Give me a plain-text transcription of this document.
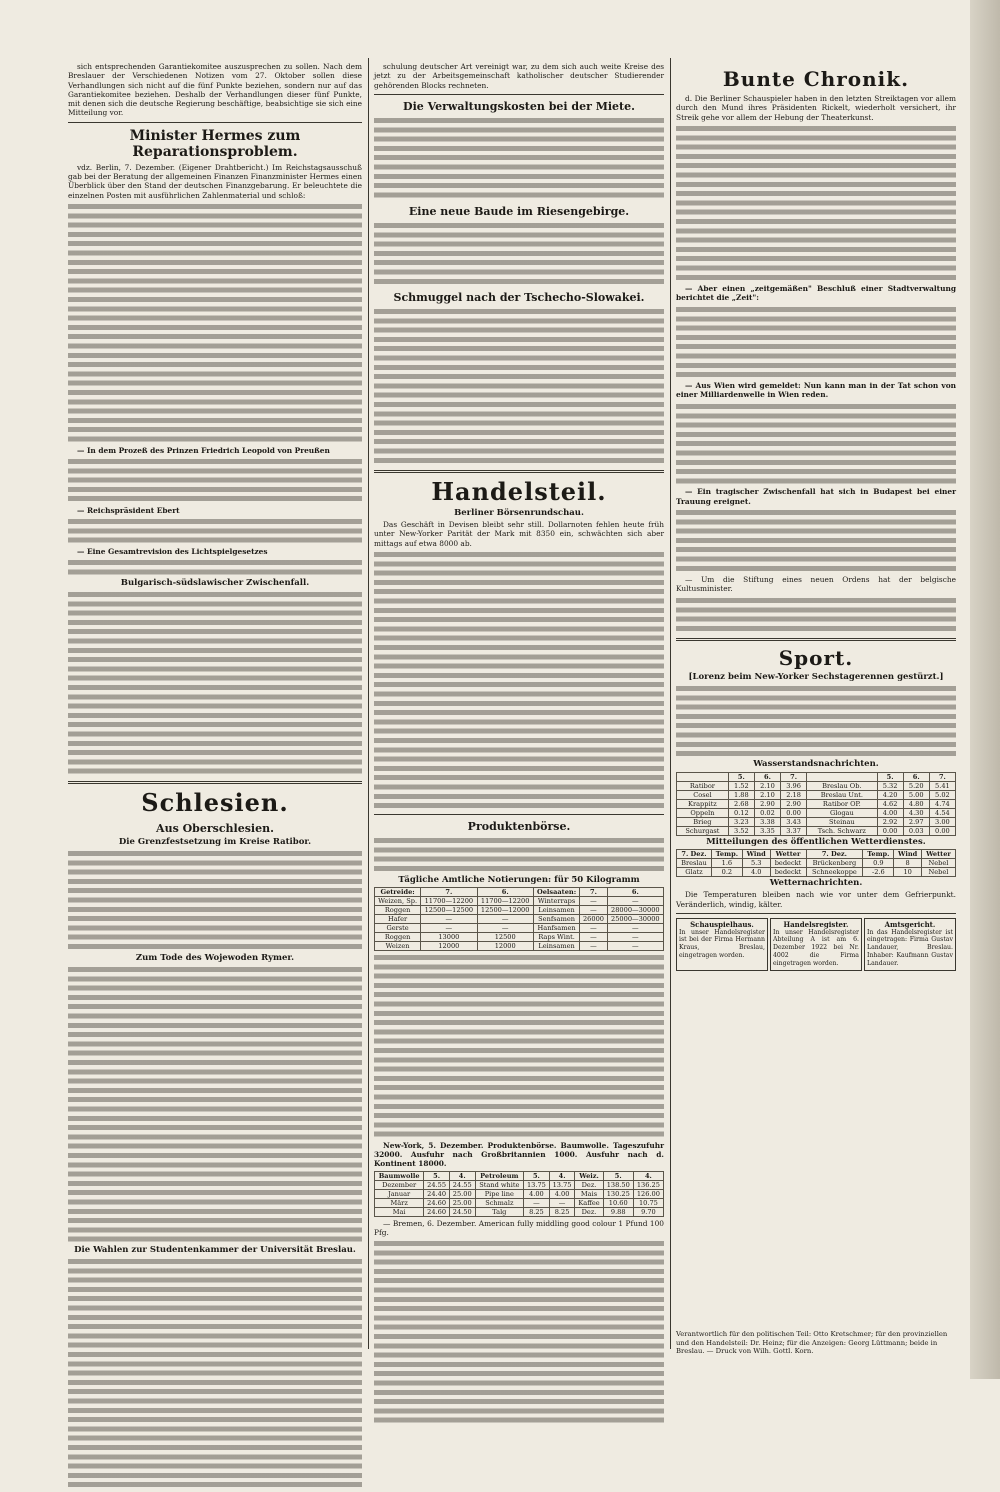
sich entsprechenden Garantiekomitee auszusprechen zu sollen. Nach dem Breslauer der Verschiedenen Notizen vom 27. Oktober sollen diese Verhandlungen sich nicht auf die fünf Punkte beziehen, sondern nur auf das Garantiekomitee beziehen. Deshalb der Verhandlungen dieser fünf Punkte, mit denen sich die deutsche Regierung beschäftige, beabsichtige sie sich eine Mitteilung vor.

Minister Hermes zum Reparationsproblem.

vdz. Berlin, 7. Dezember. (Eigener Drahtbericht.) Im Reichstagsausschuß gab bei der Beratung der allgemeinen Finanzen Finanzminister Hermes einen Überblick über den Stand der deutschen Finanzgebarung. Er beleuchtete die einzelnen Posten mit ausführlichen Zahlenmaterial und schloß:

— In dem Prozeß des Prinzen Friedrich Leopold von Preußen

— Reichspräsident Ebert

— Eine Gesamtrevision des Lichtspielgesetzes

Bulgarisch-südslawischer Zwischenfall.
Schlesien.
Aus Oberschlesien.
Die Grenzfestsetzung im Kreise Ratibor.
Zum Tode des Wojewoden Rymer.
Die Wahlen zur Studentenkammer der Universität Breslau.

schulung deutscher Art vereinigt war, zu dem sich auch weite Kreise des jetzt zu der Arbeitsgemeinschaft katholischer deutscher Studierender gehörenden Blocks rechneten.

Die Verwaltungskosten bei der Miete.
Eine neue Baude im Riesengebirge.
Schmuggel nach der Tschecho-Slowakei.
Handelsteil.
Berliner Börsenrundschau.

Das Geschäft in Devisen bleibt sehr still. Dollarnoten fehlen heute früh unter New-Yorker Parität der Mark mit 8350 ein, schwächten sich aber mittags auf etwa 8000 ab.

Produktenbörse.
Tägliche Amtliche Notierungen: für 50 Kilogramm
Getreide:	7.	6.	Oelsaaten:	7.	6.
Weizen, Sp.	11700—12200	11700—12200	Winterraps	—	—
Roggen	12500—12500	12500—12000	Leinsamen	—	28000—30000
Hafer	—	—	Senfsamen	26000	25000—30000
Gerste	—	—	Hanfsamen	—	—
Roggen	13000	12500	Raps Wint.	—	—
Weizen	12000	12000	Leinsamen	—	—

New-York, 5. Dezember. Produktenbörse. Baumwolle. Tageszufuhr 32000. Ausfuhr nach Großbritannien 1000. Ausfuhr nach d. Kontinent 18000.

Baumwolle	5.	4.	Petroleum	5.	4.	Weiz.	5.	4.
Dezember	24.55	24.55	Stand white	13.75	13.75	Dez.	138.50	136.25
Januar	24.40	25.00	Pipe line	4.00	4.00	Mais	130.25	126.00
März	24.60	25.00	Schmalz	—	—	Kaffee	10.60	10.75
Mai	24.60	24.50	Talg	8.25	8.25	Dez.	9.88	9.70

— Bremen, 6. Dezember. American fully middling good colour 1 Pfund 100 Pfg.

Bunte Chronik.

d. Die Berliner Schauspieler haben in den letzten Streiktagen vor allem durch den Mund ihres Präsidenten Rickelt, wiederholt versichert, ihr Streik gehe vor allem der Hebung der Theaterkunst.

— Aber einen „zeitgemäßen" Beschluß einer Stadtverwaltung berichtet die „Zeit":

— Aus Wien wird gemeldet: Nun kann man in der Tat schon von einer Milliardenwelle in Wien reden.

— Ein tragischer Zwischenfall hat sich in Budapest bei einer Trauung ereignet.

— Um die Stiftung eines neuen Ordens hat der belgische Kultusminister.

Sport.
[Lorenz beim New-Yorker Sechstagerennen gestürzt.]
Wasserstandsnachrichten.
	5.	6.	7.		5.	6.	7.
Ratibor	1.52	2.10	3.96	Breslau Ob.	5.32	5.20	5.41
Cosel	1.88	2.10	2.18	Breslau Unt.	4.20	5.00	5.02
Krappitz	2.68	2.90	2.90	Ratibor OP.	4.62	4.80	4.74
Oppeln	0.12	0.02	0.00	Glogau	4.00	4.30	4.54
Brieg	3.23	3.38	3.43	Steinau	2.92	2.97	3.00
Schurgast	3.52	3.35	3.37	Tsch. Schwarz	0.00	0.03	0.00
Mitteilungen des öffentlichen Wetterdienstes.
7. Dez.	Temp.	Wind	Wetter	7. Dez.	Temp.	Wind	Wetter
Breslau	1.6	5.3	bedeckt	Brückenberg	0.9	8	Nebel
Glatz	0.2	4.0	bedeckt	Schneekoppe	-2.6	10	Nebel
Wetternachrichten.

Die Temperaturen bleiben nach wie vor unter dem Gefrierpunkt. Veränderlich, windig, kälter.

Schauspielhaus.
In unser Handelsregister ist bei der Firma Hermann Kraus, Breslau, eingetragen worden.
Handelsregister.
In unser Handelsregister Abteilung A ist am 6. Dezember 1922 bei Nr. 4002 die Firma eingetragen worden.
Amtsgericht.
In das Handelsregister ist eingetragen: Firma Gustav Landauer, Breslau. Inhaber: Kaufmann Gustav Landauer.
Verantwortlich für den politischen Teil: Otto Kretschmer; für den provinziellen und den Handelsteil: Dr. Heinz; für die Anzeigen: Georg Lüttmann; beide in Breslau. — Druck von Wilh. Gottl. Korn.
